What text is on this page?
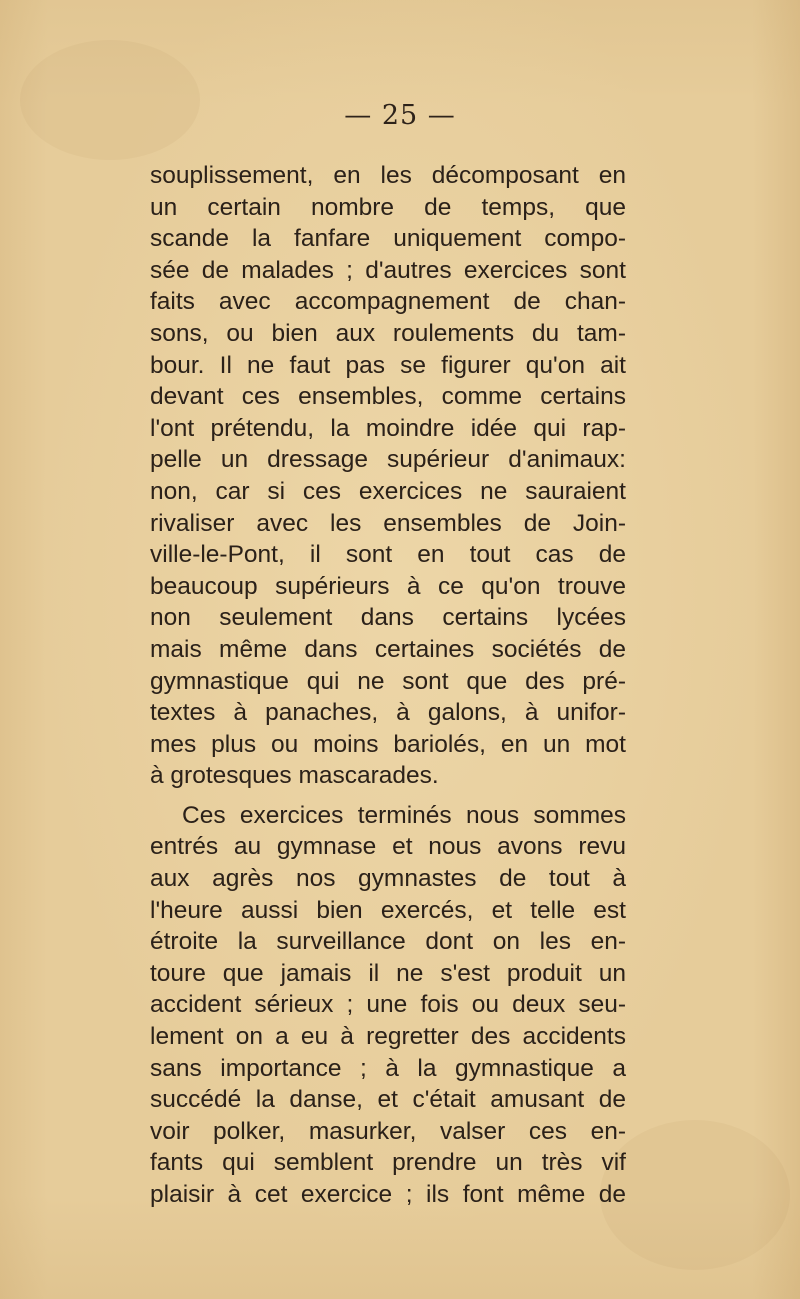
— 25 —
souplissement, en les décomposant en
un certain nombre de temps, que
scande la fanfare uniquement compo-
sée de malades ; d'autres exercices sont
faits avec accompagnement de chan-
sons, ou bien aux roulements du tam-
bour. Il ne faut pas se figurer qu'on ait
devant ces ensembles, comme certains
l'ont prétendu, la moindre idée qui rap-
pelle un dressage supérieur d'animaux:
non, car si ces exercices ne sauraient
rivaliser avec les ensembles de Join-
ville-le-Pont, il sont en tout cas de
beaucoup supérieurs à ce qu'on trouve
non seulement dans certains lycées
mais même dans certaines sociétés de
gymnastique qui ne sont que des pré-
textes à panaches, à galons, à unifor-
mes plus ou moins bariolés, en un mot
à grotesques mascarades.
Ces exercices terminés nous sommes
entrés au gymnase et nous avons revu
aux agrès nos gymnastes de tout à
l'heure aussi bien exercés, et telle est
étroite la surveillance dont on les en-
toure que jamais il ne s'est produit un
accident sérieux ; une fois ou deux seu-
lement on a eu à regretter des accidents
sans importance ; à la gymnastique a
succédé la danse, et c'était amusant de
voir polker, masurker, valser ces en-
fants qui semblent prendre un très vif
plaisir à cet exercice ; ils font même de
